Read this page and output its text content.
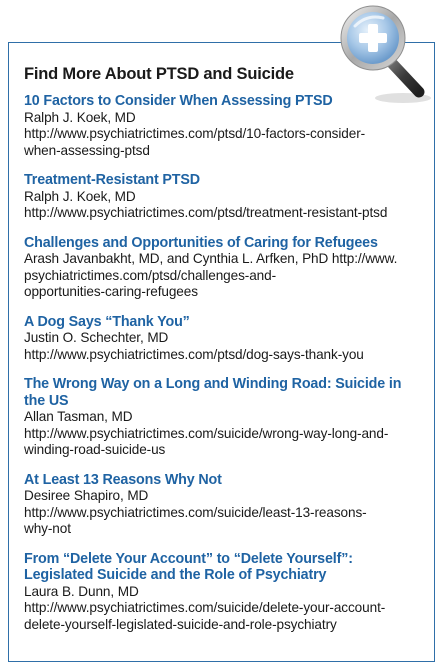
Find More About PTSD and Suicide
10 Factors to Consider When Assessing PTSD
Ralph J. Koek, MD
http://www.psychiatrictimes.com/ptsd/10-factors-consider-
when-assessing-ptsd
Treatment-Resistant PTSD
Ralph J. Koek, MD
http://www.psychiatrictimes.com/ptsd/treatment-resistant-ptsd
Challenges and Opportunities of Caring for Refugees
Arash Javanbakht, MD, and Cynthia L. Arfken, PhD http://www.
psychiatrictimes.com/ptsd/challenges-and-
opportunities-caring-refugees
A Dog Says “Thank You”
Justin O. Schechter, MD
http://www.psychiatrictimes.com/ptsd/dog-says-thank-you
The Wrong Way on a Long and Winding Road: Suicide in
the US
Allan Tasman, MD
http://www.psychiatrictimes.com/suicide/wrong-way-long-and-
winding-road-suicide-us
At Least 13 Reasons Why Not
Desiree Shapiro, MD
http://www.psychiatrictimes.com/suicide/least-13-reasons-
why-not
From “Delete Your Account” to “Delete Yourself”:
Legislated Suicide and the Role of Psychiatry
Laura B. Dunn, MD
http://www.psychiatrictimes.com/suicide/delete-your-account-
delete-yourself-legislated-suicide-and-role-psychiatry
